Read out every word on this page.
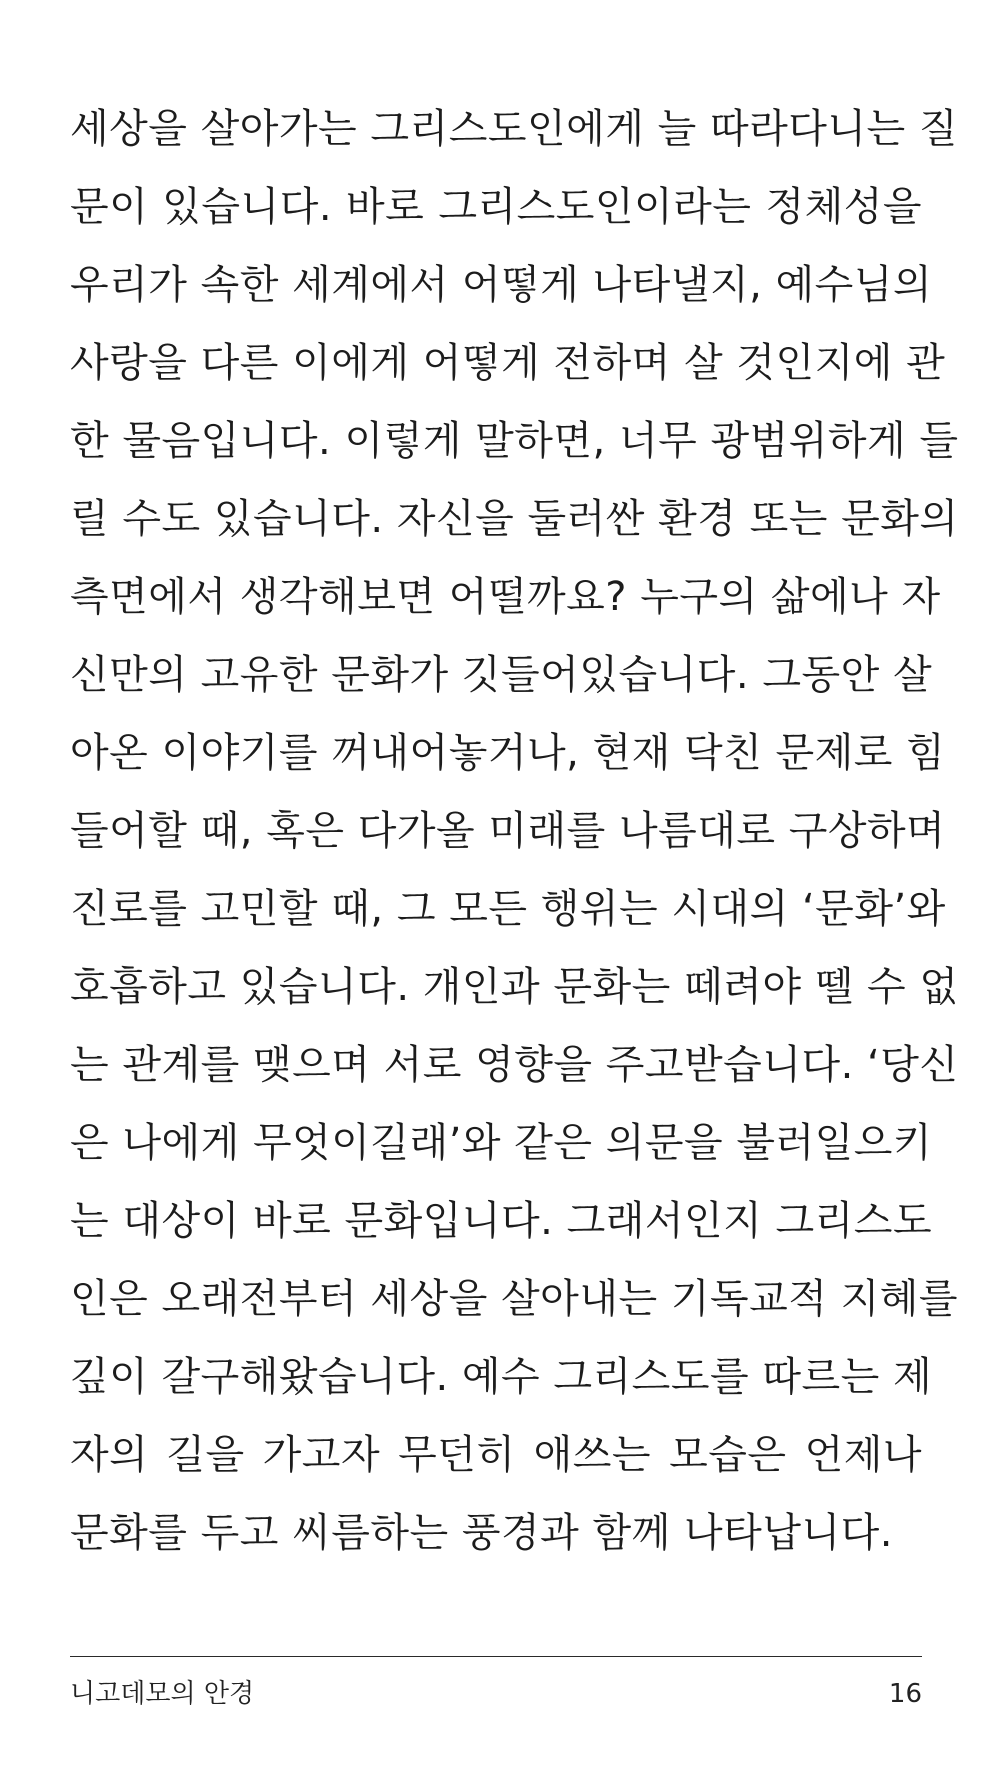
세상을 살아가는 그리스도인에게 늘 따라다니는 질
문이 있습니다. 바로 그리스도인이라는 정체성을
우리가 속한 세계에서 어떻게 나타낼지, 예수님의
사랑을 다른 이에게 어떻게 전하며 살 것인지에 관
한 물음입니다. 이렇게 말하면, 너무 광범위하게 들
릴 수도 있습니다. 자신을 둘러싼 환경 또는 문화의
측면에서 생각해보면 어떨까요? 누구의 삶에나 자
신만의 고유한 문화가 깃들어있습니다. 그동안 살
아온 이야기를 꺼내어놓거나, 현재 닥친 문제로 힘
들어할 때, 혹은 다가올 미래를 나름대로 구상하며
진로를 고민할 때, 그 모든 행위는 시대의 ‘문화’와
호흡하고 있습니다. 개인과 문화는 떼려야 뗄 수 없
는 관계를 맺으며 서로 영향을 주고받습니다. ‘당신
은 나에게 무엇이길래’와 같은 의문을 불러일으키
는 대상이 바로 문화입니다. 그래서인지 그리스도
인은 오래전부터 세상을 살아내는 기독교적 지혜를
깊이 갈구해왔습니다. 예수 그리스도를 따르는 제
자의 길을 가고자 무던히 애쓰는 모습은 언제나
문화를 두고 씨름하는 풍경과 함께 나타납니다.
니고데모의 안경	16
